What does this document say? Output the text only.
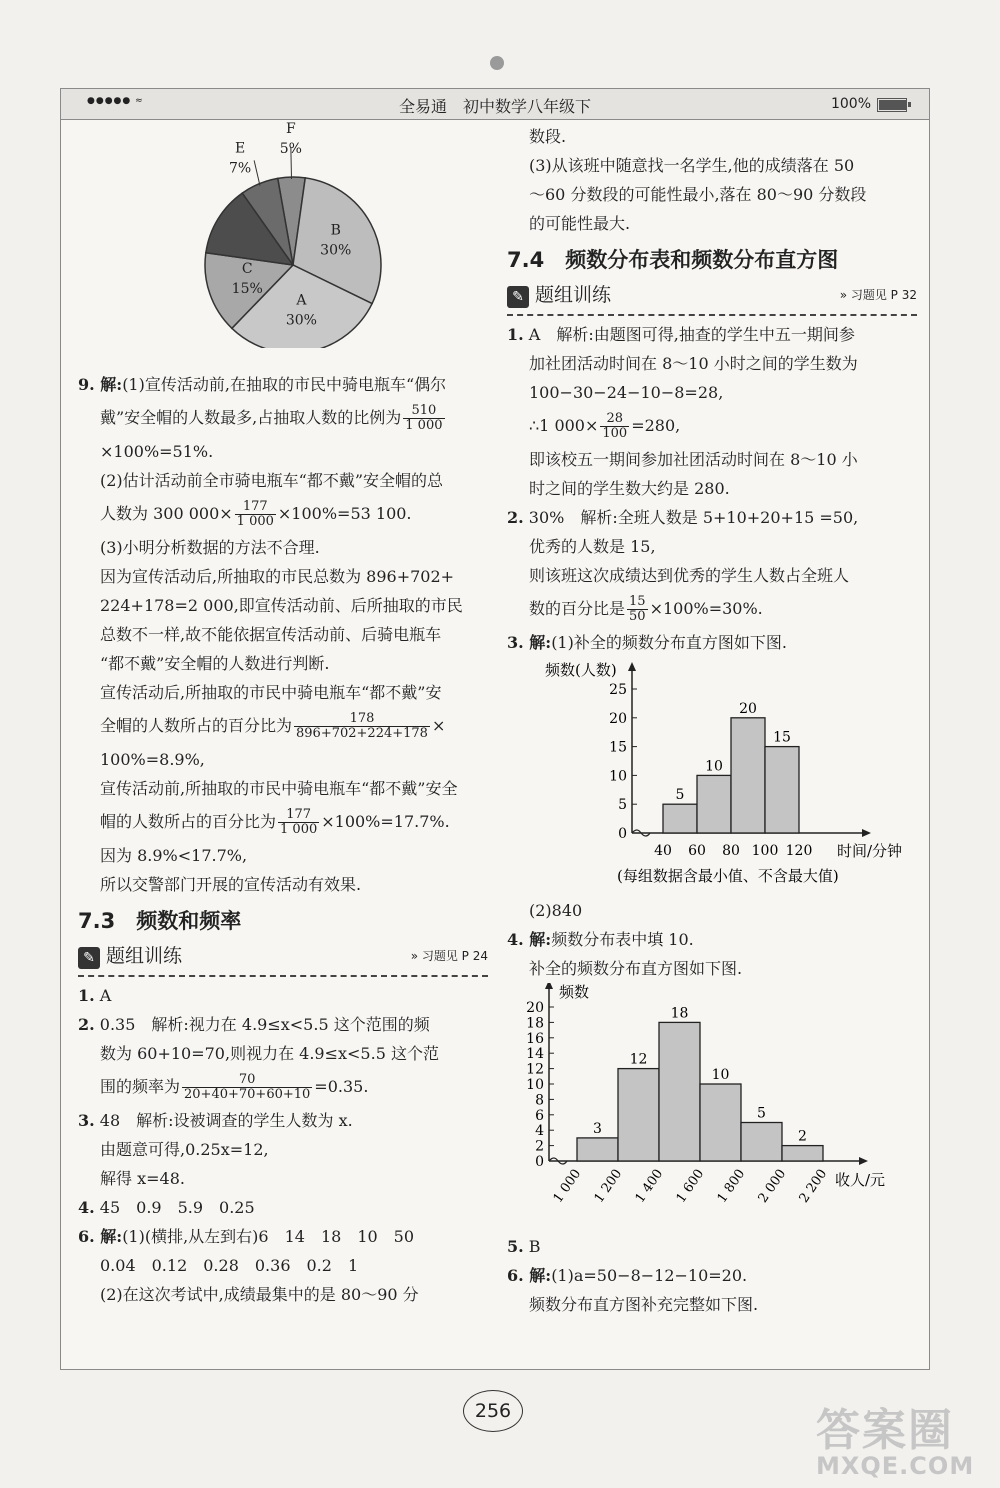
●●●●● ≈	全易通　初中数学八年级下	100%
F
5%
B
30%
A
30%
C
15%
E
7%
9. 解:(1)宣传活动前,在抽取的市民中骑电瓶车“偶尔
戴”安全帽的人数最多,占抽取人数的比例为 $\frac{510}{1 000}$
×100%=51%.
(2)估计活动前全市骑电瓶车“都不戴”安全帽的总
人数为 300 $000\times \frac{177}{1 000} \times 100\%=53$ 100.
(3)小明分析数据的方法不合理.
因为宣传活动后,所抽取的市民总数为 896+702+
224+178=2 000,即宣传活动前、后所抽取的市民
总数不一样,故不能依据宣传活动前、后骑电瓶车
“都不戴”安全帽的人数进行判断.
宣传活动后,所抽取的市民中骑电瓶车“都不戴”安
全帽的人数所占的百分比为 $\frac{178}{896+702+224+178}$ ×
100%=8.9%,
宣传活动前,所抽取的市民中骑电瓶车“都不戴”安全
帽的人数所占的百分比为 $\frac{177}{1 000} \times 100\%=17.7\%$.
因为 8.9%<17.7%,
所以交警部门开展的宣传活动有效果.
7.3　频数和频率
✎ 题组训练	» 习题见 P 24
1. A
2. 0.35　解析:视力在 4.9≤x<5.5 这个范围的频
数为 60+10=70,则视力在 4.9≤x<5.5 这个范
围的频率为 $\frac{70}{20+40+70+60+10} =0.35$.
3. 48　解析:设被调查的学生人数为 x.
由题意可得,0.25x=12,
解得 x=48.
4. 45　0.9　5.9　0.25
6. 解:(1)(横排,从左到右)6　14　18　10　50
0.04　0.12　0.28　0.36　0.2　1
(2)在这次考试中,成绩最集中的是 80～90 分
数段.
(3)从该班中随意找一名学生,他的成绩落在 50
～60 分数段的可能性最小,落在 80～90 分数段
的可能性最大.
7.4　频数分布表和频数分布直方图
✎ 题组训练	» 习题见 P 32
1. A　解析:由题图可得,抽查的学生中五一期间参
加社团活动时间在 8～10 小时之间的学生数为
100−30−24−10−8=28,
∴1 $000\times \frac{28}{100} =280$,
即该校五一期间参加社团活动时间在 8～10 小
时之间的学生数大约是 280.
2. 30%　解析:全班人数是 5+10+20+15 =50,
优秀的人数是 15,
则该班这次成绩达到优秀的学生人数占全班人
数的百分比是 $\frac{15}{50} \times 100\%=30\%$.
3. 解:(1)补全的频数分布直方图如下图.
0
5
10
15
20
25
5
10
20
15
40 60 80 100 120
频数(人数)
时间/分钟
(每组数据含最小值、不含最大值)
(2)840
4. 解:频数分布表中填 10.
补全的频数分布直方图如下图.
0
2
4
6
8
10
12
14
16
18
20
3
12
18
10
5
2
1 000 1 200 1 400 1 600 1 800 2 000 2 200
频数
收人/元
5. B
6. 解:(1)a=50−8−12−10=20.
频数分布直方图补充完整如下图.
256	答案圈
MXQE.COM
